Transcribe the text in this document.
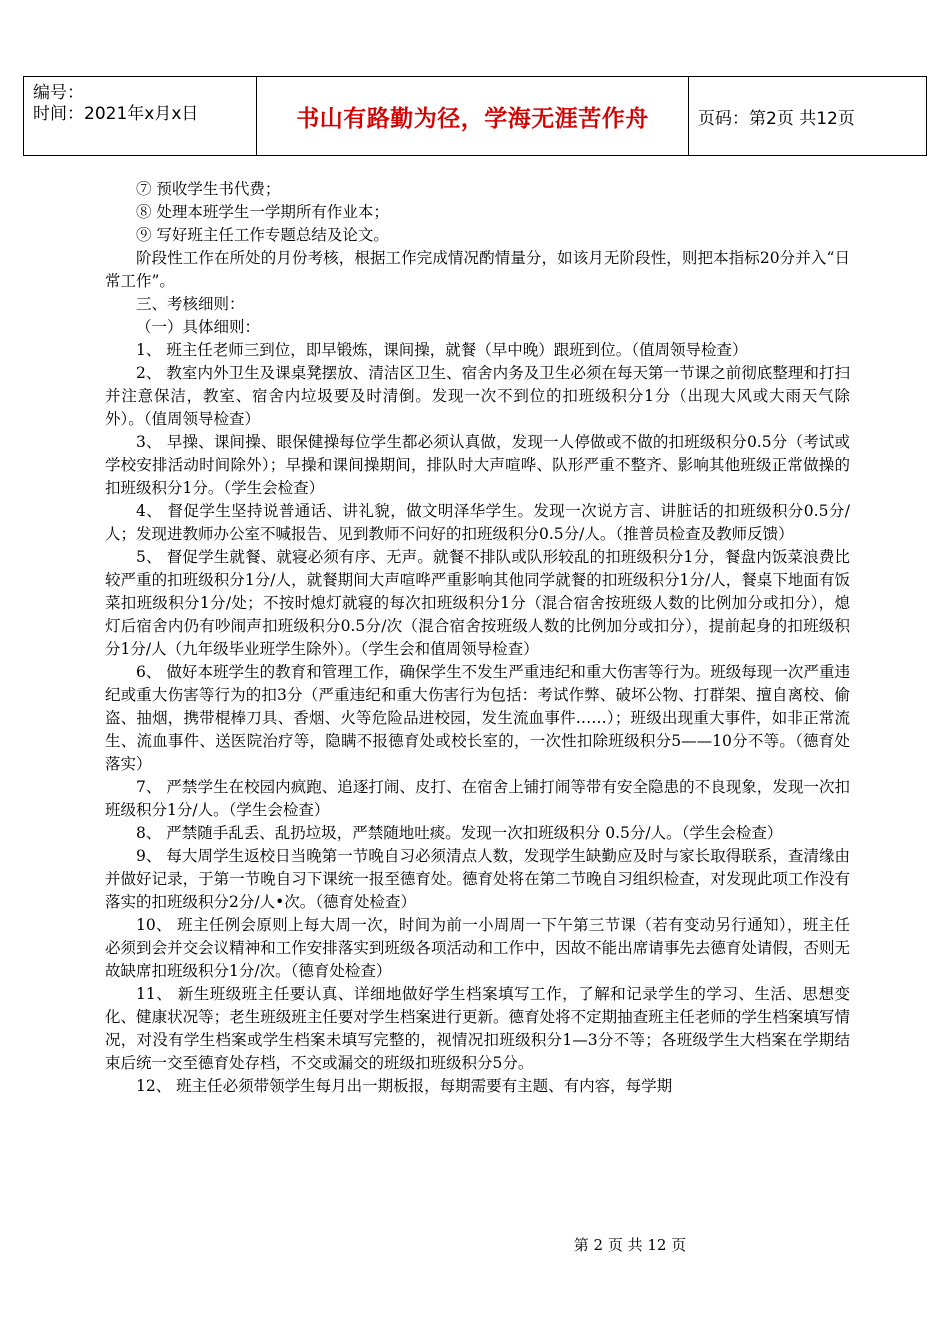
编号：
时间：2021年x月x日	书山有路勤为径，学海无涯苦作舟	页码：第2页 共12页

⑦ 预收学生书代费；

⑧ 处理本班学生一学期所有作业本；

⑨ 写好班主任工作专题总结及论文。

阶段性工作在所处的月份考核，根据工作完成情况酌情量分，如该月无阶段性，则把本指标20分并入“日常工作”。

三、考核细则：

（一）具体细则：

1、 班主任老师三到位，即早锻炼，课间操，就餐（早中晚）跟班到位。（值周领导检查）

2、 教室内外卫生及课桌凳摆放、清洁区卫生、宿舍内务及卫生必须在每天第一节课之前彻底整理和打扫并注意保洁，教室、宿舍内垃圾要及时清倒。发现一次不到位的扣班级积分1分（出现大风或大雨天气除外）。（值周领导检查）

3、 早操、课间操、眼保健操每位学生都必须认真做，发现一人停做或不做的扣班级积分0.5分（考试或学校安排活动时间除外）；早操和课间操期间，排队时大声喧哗、队形严重不整齐、影响其他班级正常做操的扣班级积分1分。（学生会检查）

4、 督促学生坚持说普通话、讲礼貌，做文明泽华学生。发现一次说方言、讲脏话的扣班级积分0.5分/人；发现进教师办公室不喊报告、见到教师不问好的扣班级积分0.5分/人。（推普员检查及教师反馈）

5、 督促学生就餐、就寝必须有序、无声。就餐不排队或队形较乱的扣班级积分1分，餐盘内饭菜浪费比较严重的扣班级积分1分/人，就餐期间大声喧哗严重影响其他同学就餐的扣班级积分1分/人，餐桌下地面有饭菜扣班级积分1分/处；不按时熄灯就寝的每次扣班级积分1分（混合宿舍按班级人数的比例加分或扣分），熄灯后宿舍内仍有吵闹声扣班级积分0.5分/次（混合宿舍按班级人数的比例加分或扣分），提前起身的扣班级积分1分/人（九年级毕业班学生除外）。（学生会和值周领导检查）

6、 做好本班学生的教育和管理工作，确保学生不发生严重违纪和重大伤害等行为。班级每现一次严重违纪或重大伤害等行为的扣3分（严重违纪和重大伤害行为包括：考试作弊、破坏公物、打群架、擅自离校、偷盗、抽烟，携带棍棒刀具、香烟、火等危险品进校园，发生流血事件……）；班级出现重大事件，如非正常流生、流血事件、送医院治疗等，隐瞒不报德育处或校长室的，一次性扣除班级积分5——10分不等。（德育处落实）

7、 严禁学生在校园内疯跑、追逐打闹、皮打、在宿舍上铺打闹等带有安全隐患的不良现象，发现一次扣班级积分1分/人。（学生会检查）

8、 严禁随手乱丢、乱扔垃圾，严禁随地吐痰。发现一次扣班级积分 0.5分/人。（学生会检查）

9、 每大周学生返校日当晚第一节晚自习必须清点人数，发现学生缺勤应及时与家长取得联系，查清缘由并做好记录，于第一节晚自习下课统一报至德育处。德育处将在第二节晚自习组织检查，对发现此项工作没有落实的扣班级积分2分/人•次。（德育处检查）

10、 班主任例会原则上每大周一次，时间为前一小周周一下午第三节课（若有变动另行通知），班主任必须到会并交会议精神和工作安排落实到班级各项活动和工作中，因故不能出席请事先去德育处请假，否则无故缺席扣班级积分1分/次。（德育处检查）

11、 新生班级班主任要认真、详细地做好学生档案填写工作，了解和记录学生的学习、生活、思想变化、健康状况等；老生班级班主任要对学生档案进行更新。德育处将不定期抽查班主任老师的学生档案填写情况，对没有学生档案或学生档案未填写完整的，视情况扣班级积分1—3分不等；各班级学生大档案在学期结束后统一交至德育处存档，不交或漏交的班级扣班级积分5分。

12、 班主任必须带领学生每月出一期板报，每期需要有主题、有内容，每学期

第 2 页 共 12 页
